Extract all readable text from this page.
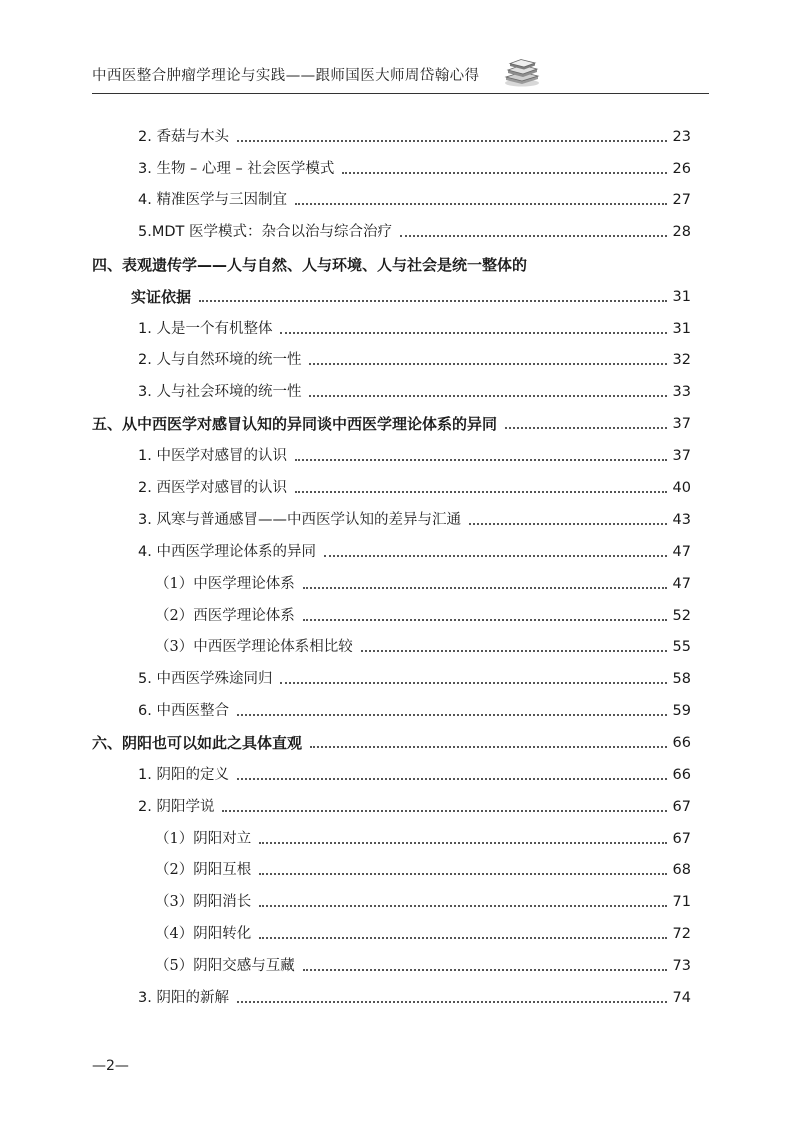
中西医整合肿瘤学理论与实践——跟师国医大师周岱翰心得
2. 香菇与木头	23
3. 生物 – 心理 – 社会医学模式	26
4. 精准医学与三因制宜	27
5.MDT 医学模式：杂合以治与综合治疗	28
四、表观遗传学——人与自然、人与环境、人与社会是统一整体的
实证依据	31
1. 人是一个有机整体	31
2. 人与自然环境的统一性	32
3. 人与社会环境的统一性	33
五、从中西医学对感冒认知的异同谈中西医学理论体系的异同	37
1. 中医学对感冒的认识	37
2. 西医学对感冒的认识	40
3. 风寒与普通感冒——中西医学认知的差异与汇通	43
4. 中西医学理论体系的异同	47
（1）中医学理论体系	47
（2）西医学理论体系	52
（3）中西医学理论体系相比较	55
5. 中西医学殊途同归	58
6. 中西医整合	59
六、阴阳也可以如此之具体直观	66
1. 阴阳的定义	66
2. 阴阳学说	67
（1）阴阳对立	67
（2）阴阳互根	68
（3）阴阳消长	71
（4）阴阳转化	72
（5）阴阳交感与互藏	73
3. 阴阳的新解	74
—2—
